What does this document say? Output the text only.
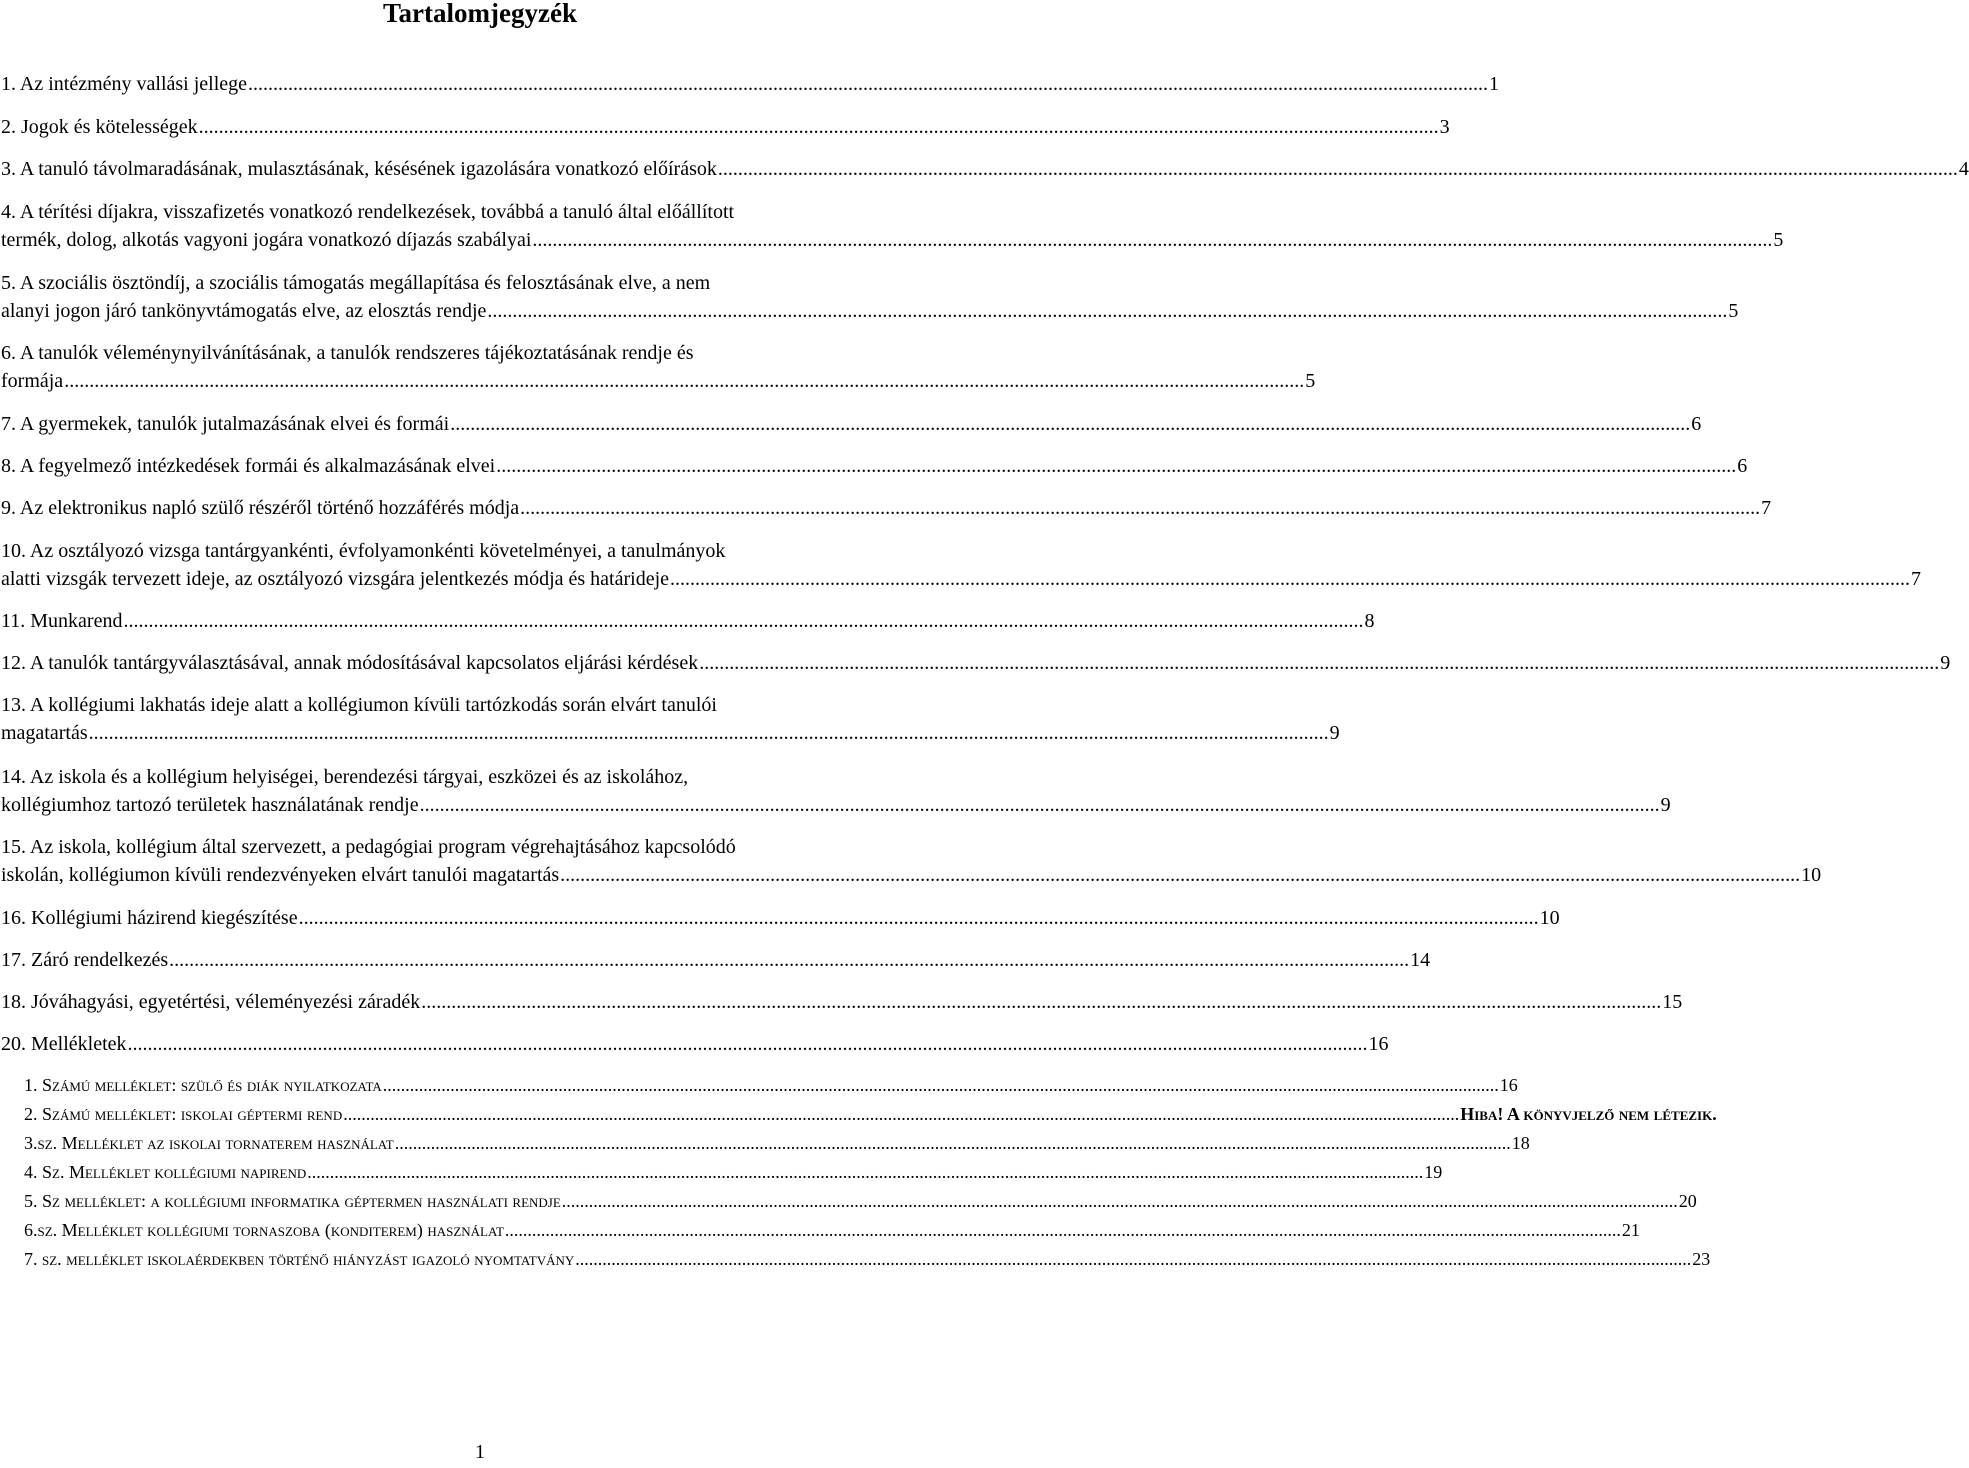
Tartalomjegyzék
1. Az intézmény vallási jellege .....	1
2. Jogok és kötelességek .....	3
3. A tanuló távolmaradásának, mulasztásának, késésének igazolására vonatkozó előírások .....	4
4. A térítési díjakra, visszafizetés vonatkozó rendelkezések, továbbá a tanuló által előállított
termék, dolog, alkotás vagyoni jogára vonatkozó díjazás szabályai .....	5
5. A szociális ösztöndíj, a szociális támogatás megállapítása és felosztásának elve, a nem
alanyi jogon járó tankönyvtámogatás elve, az elosztás rendje .....	5
6. A tanulók véleménynyilvánításának, a tanulók rendszeres tájékoztatásának rendje és
formája .....	5
7. A gyermekek, tanulók jutalmazásának elvei és formái .....	6
8. A fegyelmező intézkedések formái és alkalmazásának elvei .....	6
9. Az elektronikus napló szülő részéről történő hozzáférés módja .....	7
10. Az osztályozó vizsga tantárgyankénti, évfolyamonkénti követelményei, a tanulmányok
alatti vizsgák tervezett ideje, az osztályozó vizsgára jelentkezés módja és határideje .....	7
11. Munkarend .....	8
12. A tanulók tantárgyválasztásával, annak módosításával kapcsolatos eljárási kérdések .....	9
13. A kollégiumi lakhatás ideje alatt a kollégiumon kívüli tartózkodás során elvárt tanulói
magatartás .....	9
14. Az iskola és a kollégium helyiségei, berendezési tárgyai, eszközei és az iskolához,
kollégiumhoz tartozó területek használatának rendje .....	9
15. Az iskola, kollégium által szervezett, a pedagógiai program végrehajtásához kapcsolódó
iskolán, kollégiumon kívüli rendezvényeken elvárt tanulói magatartás .....	10
16. Kollégiumi házirend kiegészítése .....	10
17. Záró rendelkezés .....	14
18. Jóváhagyási, egyetértési, véleményezési záradék .....	15
20. Mellékletek .....	16
1. Számú melléklet: szülő és diák nyilatkozata .....	16
2. Számú melléklet: iskolai géptermi rend .....	Hiba! A könyvjelző nem létezik.
3.sz. Melléklet az iskolai tornaterem használat .....	18
4. Sz. Melléklet kollégiumi napirend .....	19
5. Sz melléklet: a kollégiumi informatika géptermen használati rendje .....	20
6.sz. Melléklet kollégiumi tornaszoba (konditerem) használat .....	21
7. sz. melléklet iskolaérdekben történő hiányzást igazoló nyomtatvány .....	23
1
